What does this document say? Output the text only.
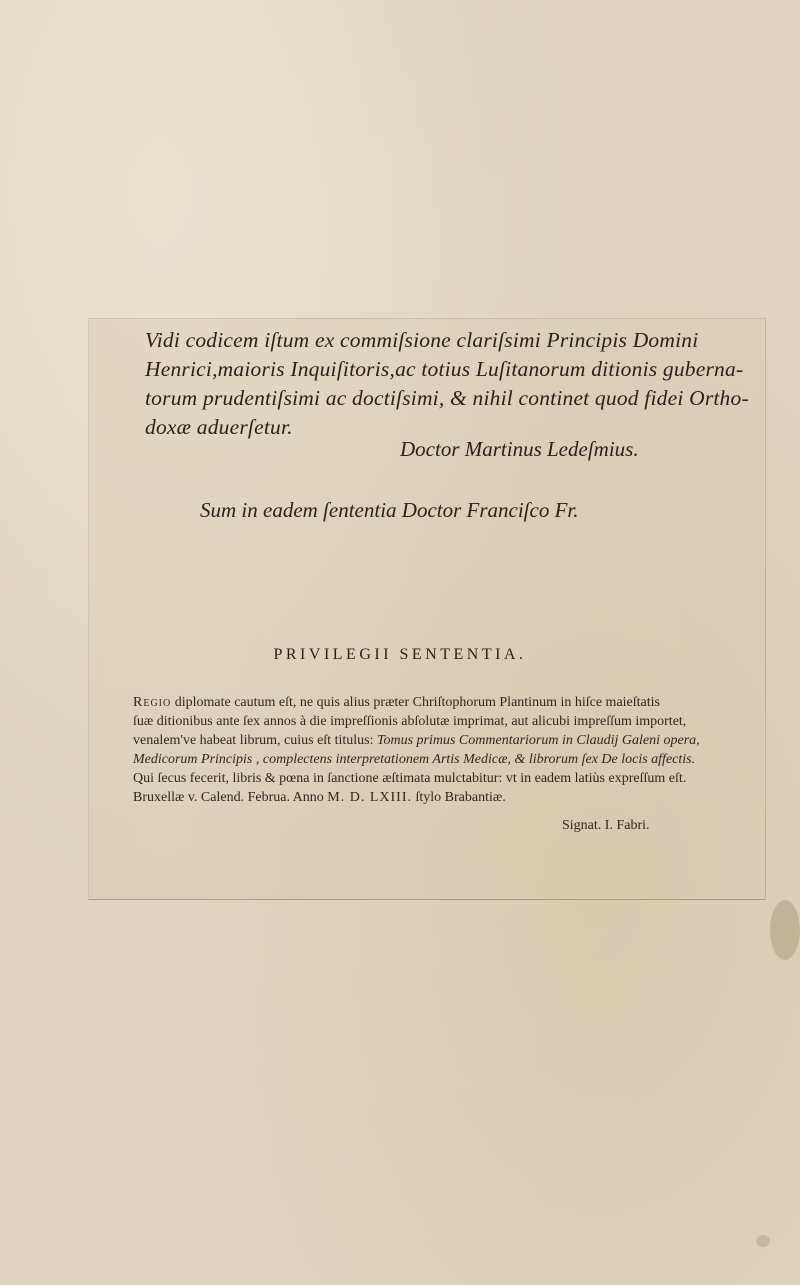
Vidi codicem iſtum ex commiſsione clariſsimi Principis Domini
Henrici,maioris Inquiſitoris,ac totius Luſitanorum ditionis guberna-
torum prudentiſsimi ac doctiſsimi, & nihil continet quod fidei Ortho-
doxæ aduerſetur.
Doctor Martinus Ledeſmius.
Sum in eadem ſententia Doctor Franciſco Fr.
PRIVILEGII SENTENTIA.
Regio diplomate cautum eſt, ne quis alius præter Chriſtophorum Plantinum in hiſce maieſtatis
ſuæ ditionibus ante ſex annos à die impreſſionis abſolutæ imprimat, aut alicubi impreſſum importet,
venalem've habeat librum, cuius eſt titulus: Tomus primus Commentariorum in Claudij Galeni opera,
Medicorum Principis , complectens interpretationem Artis Medicæ, & librorum ſex De locis affectis.
Qui ſecus fecerit, libris & pœna in ſanctione æſtimata mulctabitur: vt in eadem latiùs expreſſum eſt.
Bruxellæ v. Calend. Februa. Anno M. D. LXIII. ſtylo Brabantiæ.
Signat. I. Fabri.
